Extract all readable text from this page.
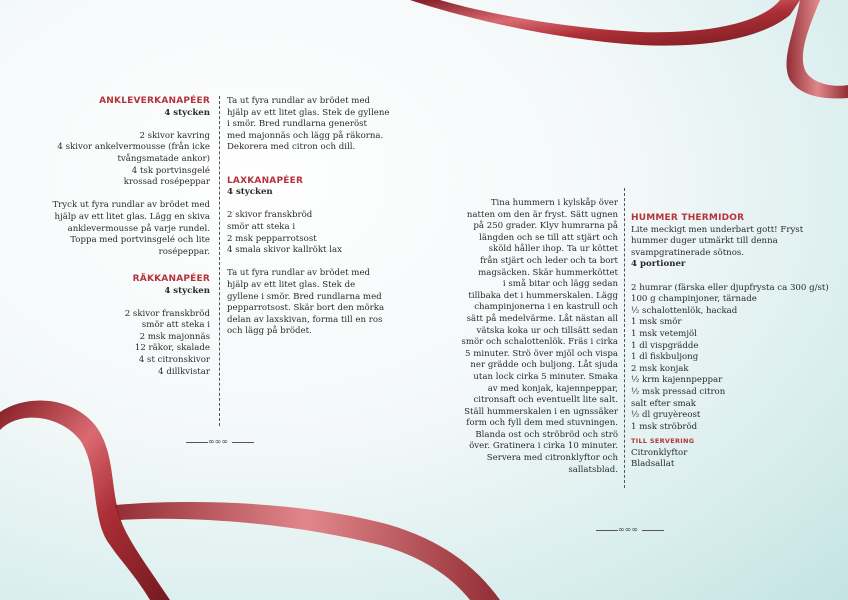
ANKLEVERKANAPÉER
4 stycken
2 skivor kavring
4 skivor ankelvermousse (från icke
tvångsmatade ankor)
4 tsk portvinsgelé
krossad rosépeppar
Tryck ut fyra rundlar av brödet med
hjälp av ett litet glas. Lägg en skiva
anklevermousse på varje rundel.
Toppa med portvinsgelé och lite
rosépeppar.
RÄKKANAPÉER
4 stycken
2 skivor franskbröd
smör att steka i
2 msk majonnäs
12 räkor, skalade
4 st citronskivor
4 dillkvistar
Ta ut fyra rundlar av brödet med
hjälp av ett litet glas. Stek de gyllene
i smör. Bred rundlarna generöst
med majonnäs och lägg på räkorna.
Dekorera med citron och dill.
LAXKANAPÉER
4 stycken
2 skivor franskbröd
smör att steka i
2 msk pepparrotsost
4 smala skivor kallrökt lax
Ta ut fyra rundlar av brödet med
hjälp av ett litet glas. Stek de
gyllene i smör. Bred rundlarna med
pepparrotsost. Skär bort den mörka
delan av laxskivan, forma till en ros
och lägg på brödet.
∞∞∞
Tina hummern i kylskåp över
natten om den är fryst. Sätt ugnen
på 250 grader. Klyv humrarna på
längden och se till att stjärt och
sköld håller ihop. Ta ur köttet
från stjärt och leder och ta bort
magsäcken. Skär hummerköttet
i små bitar och lägg sedan
tillbaka det i hummerskalen. Lägg
champinjonerna i en kastrull och
sätt på medelvärme. Låt nästan all
vätska koka ur och tillsätt sedan
smör och schalottenlök. Fräs i cirka
5 minuter. Strö över mjöl och vispa
ner grädde och buljong. Låt sjuda
utan lock cirka 5 minuter. Smaka
av med konjak, kajennpeppar,
citronsaft och eventuellt lite salt.
Ställ hummerskalen i en ugnssäker
form och fyll dem med stuvningen.
Blanda ost och ströbröd och strö
över. Gratinera i cirka 10 minuter.
Servera med citronklyftor och
sallatsblad.
HUMMER THERMIDOR
Lite meckigt men underbart gott! Fryst
hummer duger utmärkt till denna
svampgratinerade sötnos.
4 portioner
2 humrar (färska eller djupfrysta ca 300 g/st)
100 g champinjoner, tärnade
½ schalottenlök, hackad
1 msk smör
1 msk vetemjöl
1 dl vispgrädde
1 dl fiskbuljong
2 msk konjak
½ krm kajennpeppar
½ msk pressad citron
salt efter smak
½ dl gruyèreost
1 msk ströbröd
TILL SERVERING
Citronklyftor
Bladsallat
∞∞∞
